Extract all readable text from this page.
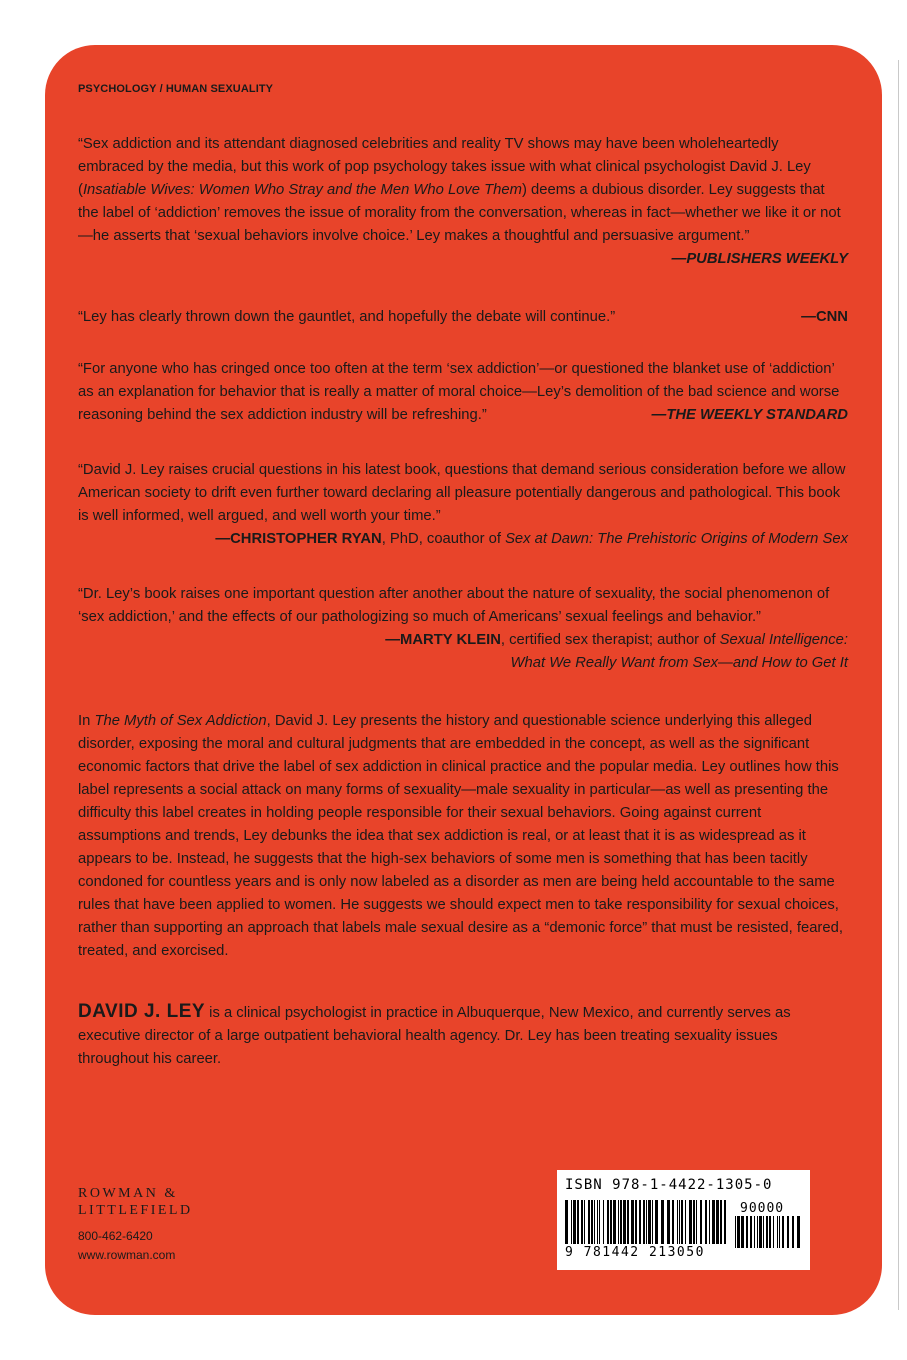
PSYCHOLOGY / HUMAN SEXUALITY

“Sex addiction and its attendant diagnosed celebrities and reality TV shows may have been wholeheartedly embraced by the media, but this work of pop psychology takes issue with what clinical psychologist David J. Ley (Insatiable Wives: Women Who Stray and the Men Who Love Them) deems a dubious disorder. Ley suggests that the label of ‘addiction’ removes the issue of morality from the conversation, whereas in fact—whether we like it or not—he asserts that ‘sexual behaviors involve choice.’ Ley makes a thoughtful and persuasive argument.”

—PUBLISHERS WEEKLY

“Ley has clearly thrown down the gauntlet, and hopefully the debate will continue.”	—CNN

“For anyone who has cringed once too often at the term ‘sex addiction’—or questioned the blanket use of ‘addiction’ as an explanation for behavior that is really a matter of moral choice—Ley’s demolition of the bad science and worse reasoning behind the sex addiction industry will be refreshing.”	—THE WEEKLY STANDARD

“David J. Ley raises crucial questions in his latest book, questions that demand serious consideration before we allow American society to drift even further toward declaring all pleasure potentially dangerous and pathological. This book is well informed, well argued, and well worth your time.”

—CHRISTOPHER RYAN, PhD, coauthor of Sex at Dawn: The Prehistoric Origins of Modern Sex

“Dr. Ley’s book raises one important question after another about the nature of sexuality, the social phenomenon of ‘sex addiction,’ and the effects of our pathologizing so much of Americans’ sexual feelings and behavior.”

—MARTY KLEIN, certified sex therapist; author of Sexual Intelligence:

What We Really Want from Sex—and How to Get It

In The Myth of Sex Addiction, David J. Ley presents the history and questionable science underlying this alleged disorder, exposing the moral and cultural judgments that are embedded in the concept, as well as the significant economic factors that drive the label of sex addiction in clinical practice and the popular media. Ley outlines how this label represents a social attack on many forms of sexuality—male sexuality in particular—as well as presenting the difficulty this label creates in holding people responsible for their sexual behaviors. Going against current assumptions and trends, Ley debunks the idea that sex addiction is real, or at least that it is as widespread as it appears to be. Instead, he suggests that the high-sex behaviors of some men is something that has been tacitly condoned for countless years and is only now labeled as a disorder as men are being held accountable to the same rules that have been applied to women. He suggests we should expect men to take responsibility for sexual choices, rather than supporting an approach that labels male sexual desire as a “demonic force” that must be resisted, feared, treated, and exorcised.

DAVID J. LEY is a clinical psychologist in practice in Albuquerque, New Mexico, and currently serves as executive director of a large outpatient behavioral health agency. Dr. Ley has been treating sexuality issues throughout his career.

ROWMAN &
LITTLEFIELD
800-462-6420
www.rowman.com
ISBN 978-1-4422-1305-0
90000
9 781442 213050
